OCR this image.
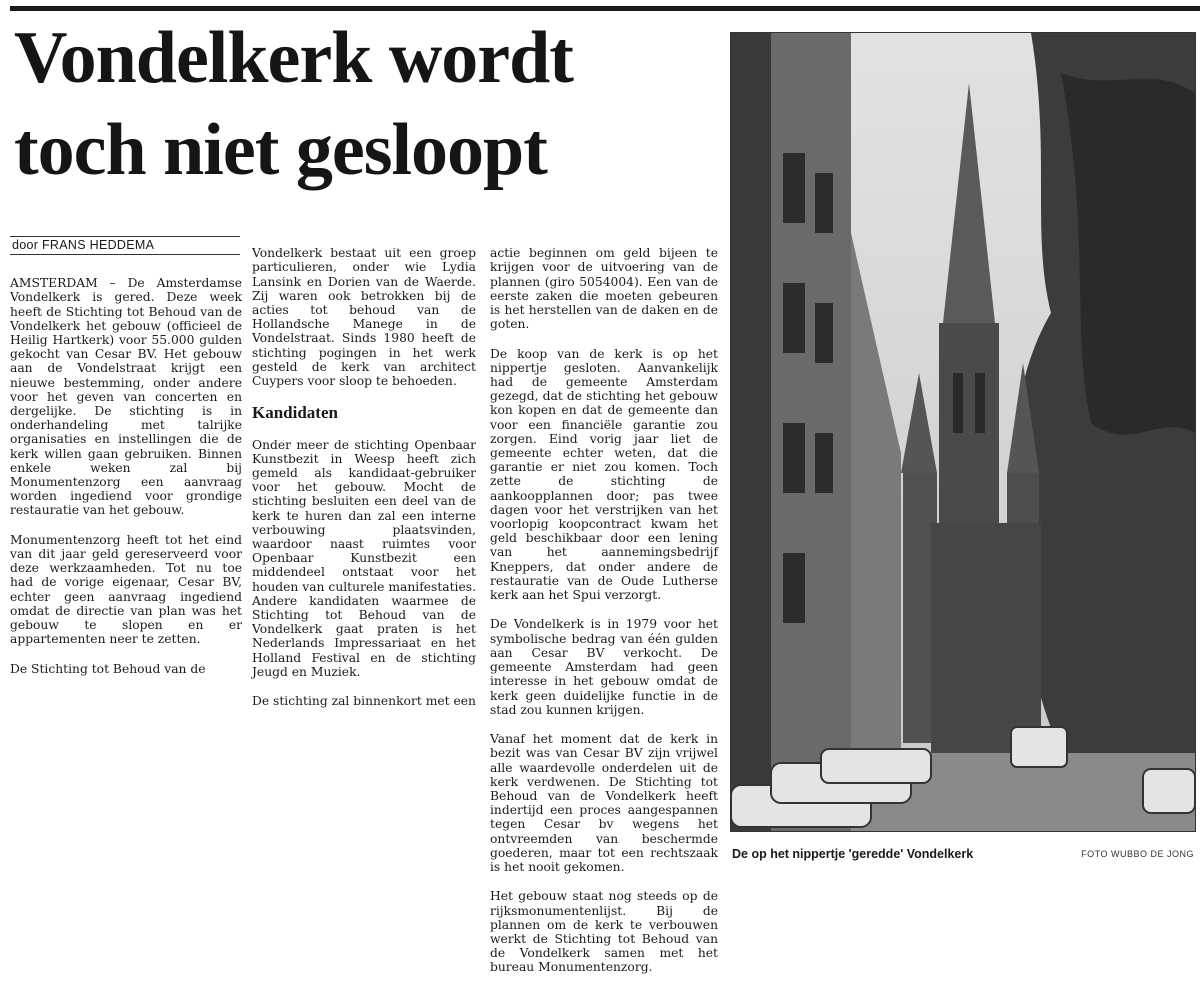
Vondelkerk wordt
toch niet gesloopt
door FRANS HEDDEMA

AMSTERDAM – De Amsterdamse Vondelkerk is gered. Deze week heeft de Stichting tot Behoud van de Vondelkerk het gebouw (officieel de Heilig Hartkerk) voor 55.000 gulden gekocht van Cesar BV. Het gebouw aan de Vondelstraat krijgt een nieuwe bestemming, onder andere voor het geven van concerten en dergelijke. De stichting is in onderhandeling met talrijke organisaties en instellingen die de kerk willen gaan gebruiken. Binnen enkele weken zal bij Monumentenzorg een aanvraag worden ingediend voor grondige restauratie van het gebouw.

Monumentenzorg heeft tot het eind van dit jaar geld gereserveerd voor deze werkzaamheden. Tot nu toe had de vorige eigenaar, Cesar BV, echter geen aanvraag ingediend omdat de directie van plan was het gebouw te slopen en er appartementen neer te zetten.

De Stichting tot Behoud van de

Vondelkerk bestaat uit een groep particulieren, onder wie Lydia Lansink en Dorien van de Waerde. Zij waren ook betrokken bij de acties tot behoud van de Hollandsche Manege in de Vondelstraat. Sinds 1980 heeft de stichting pogingen in het werk gesteld de kerk van architect Cuypers voor sloop te behoeden.

Kandidaten

Onder meer de stichting Openbaar Kunstbezit in Weesp heeft zich gemeld als kandidaat-gebruiker voor het gebouw. Mocht de stichting besluiten een deel van de kerk te huren dan zal een interne verbouwing plaatsvinden, waardoor naast ruimtes voor Openbaar Kunstbezit een middendeel ontstaat voor het houden van culturele manifestaties. Andere kandidaten waarmee de Stichting tot Behoud van de Vondelkerk gaat praten is het Nederlands Impressariaat en het Holland Festival en de stichting Jeugd en Muziek.

De stichting zal binnenkort met een

actie beginnen om geld bijeen te krijgen voor de uitvoering van de plannen (giro 5054004). Een van de eerste zaken die moeten gebeuren is het herstellen van de daken en de goten.

De koop van de kerk is op het nippertje gesloten. Aanvankelijk had de gemeente Amsterdam gezegd, dat de stichting het gebouw kon kopen en dat de gemeente dan voor een financiële garantie zou zorgen. Eind vorig jaar liet de gemeente echter weten, dat die garantie er niet zou komen. Toch zette de stichting de aankoopplannen door; pas twee dagen voor het verstrijken van het voorlopig koopcontract kwam het geld beschikbaar door een lening van het aannemingsbedrijf Kneppers, dat onder andere de restauratie van de Oude Lutherse kerk aan het Spui verzorgt.

De Vondelkerk is in 1979 voor het symbolische bedrag van één gulden aan Cesar BV verkocht. De gemeente Amsterdam had geen interesse in het gebouw omdat de kerk geen duidelijke functie in de stad zou kunnen krijgen.

Vanaf het moment dat de kerk in bezit was van Cesar BV zijn vrijwel alle waardevolle onderdelen uit de kerk verdwenen. De Stichting tot Behoud van de Vondelkerk heeft indertijd een proces aangespannen tegen Cesar bv wegens het ontvreemden van beschermde goederen, maar tot een rechtszaak is het nooit gekomen.

Het gebouw staat nog steeds op de rijksmonumentenlijst. Bij de plannen om de kerk te verbouwen werkt de Stichting tot Behoud van de Vondelkerk samen met het bureau Monumentenzorg.

De op het nippertje 'geredde' Vondelkerk	FOTO WUBBO DE JONG
